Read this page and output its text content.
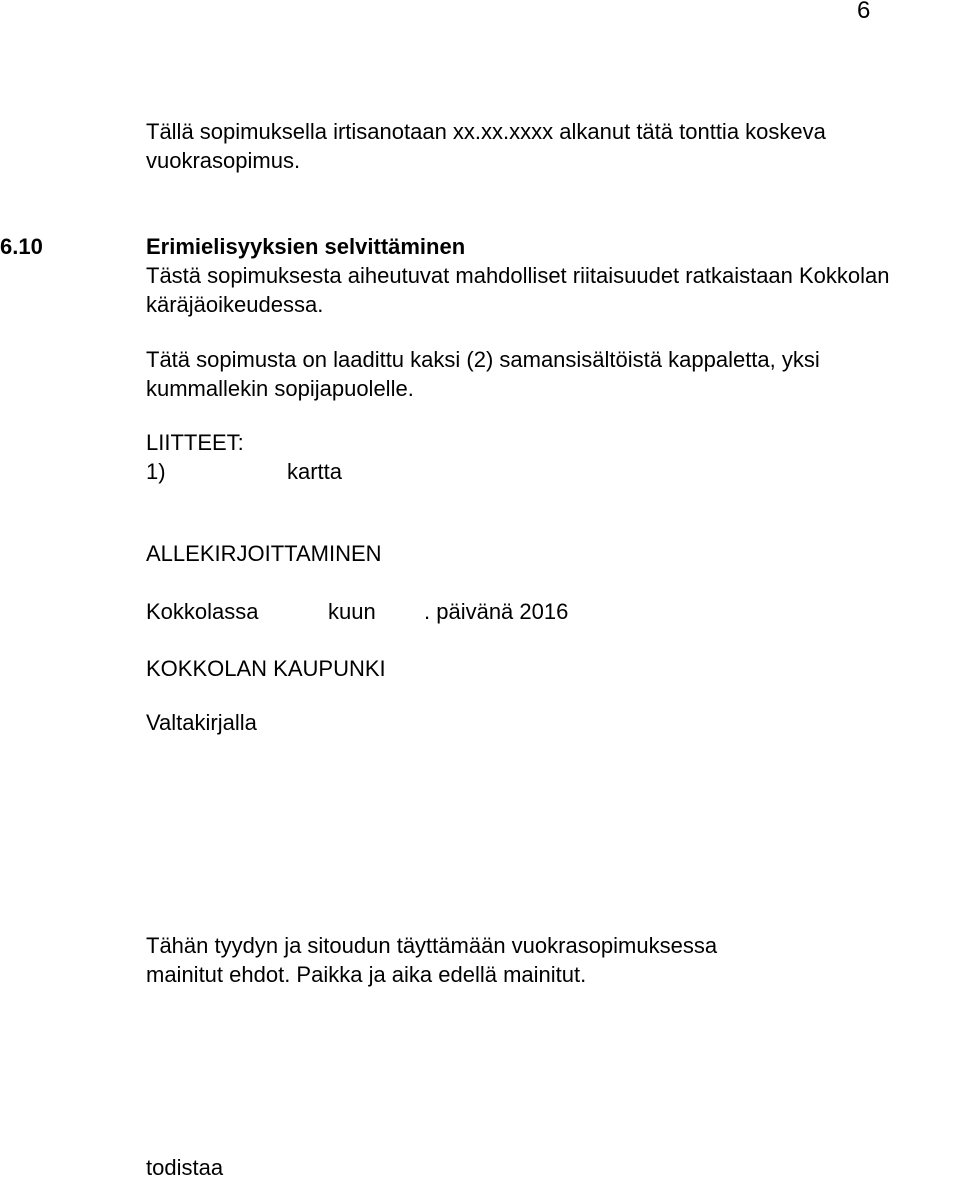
6
Tällä sopimuksella irtisanotaan xx.xx.xxxx alkanut tätä tonttia koskeva
vuokrasopimus.
6.10	Erimielisyyksien selvittäminen
Tästä sopimuksesta aiheutuvat mahdolliset riitaisuudet ratkaistaan Kokkolan
käräjäoikeudessa.
Tätä sopimusta on laadittu kaksi (2) samansisältöistä kappaletta, yksi
kummallekin sopijapuolelle.
LIITTEET:
1)	kartta
ALLEKIRJOITTAMINEN
Kokkolassa	kuun . päivänä 2016
KOKKOLAN KAUPUNKI
Valtakirjalla
Tähän tyydyn ja sitoudun täyttämään vuokrasopimuksessa
mainitut ehdot. Paikka ja aika edellä mainitut.
todistaa
